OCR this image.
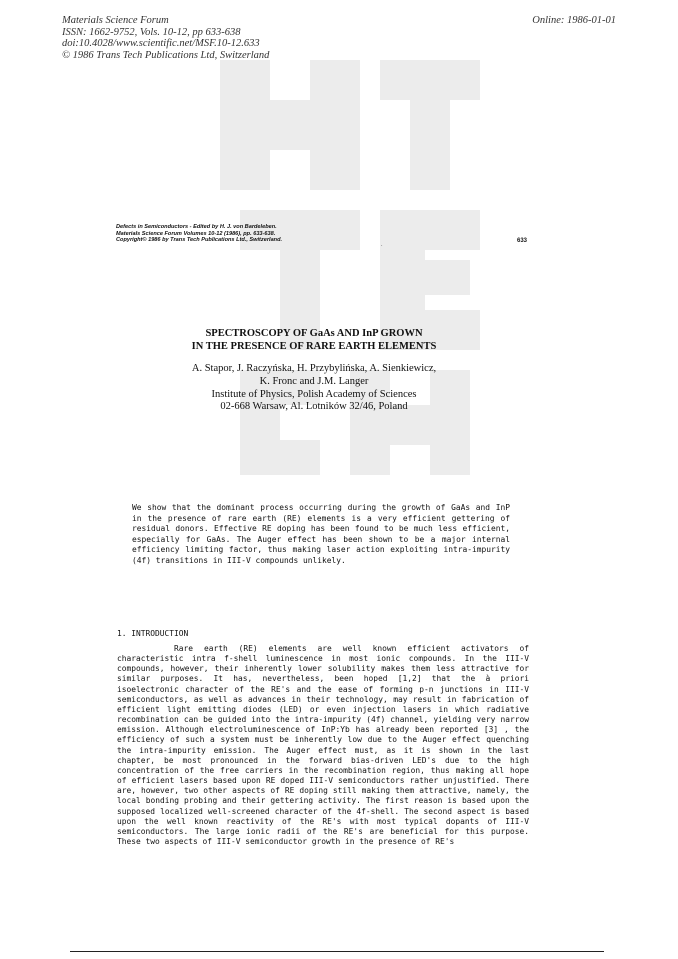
Materials Science Forum
ISSN: 1662-9752, Vols. 10-12, pp 633-638
doi:10.4028/www.scientific.net/MSF.10-12.633
© 1986 Trans Tech Publications Ltd, Switzerland
Online: 1986-01-01
Defects in Semiconductors - Edited by H. J. von Bardeleben.
Materials Science Forum Volumes 10-12 (1986), pp. 633-638.
Copyright© 1986 by Trans Tech Publications Ltd., Switzerland.
.
633
SPECTROSCOPY OF GaAs AND InP GROWN
IN THE PRESENCE OF RARE EARTH ELEMENTS
A. Stapor, J. Raczyńska, H. Przybylińska, A. Sienkiewicz,
K. Fronc and J.M. Langer
Institute of Physics, Polish Academy of Sciences
02-668 Warsaw, Al. Lotników 32/46, Poland
We show that the dominant process occurring during the growth of GaAs and InP in the presence of rare earth (RE) elements is a very efficient gettering of residual donors. Effective RE doping has been found to be much less efficient, especially for GaAs. The Auger effect has been shown to be a major internal efficiency limiting factor, thus making laser action exploiting intra-impurity (4f) transitions in III-V compounds unlikely.
1. INTRODUCTION

Rare earth (RE) elements are well known efficient activators of characteristic intra f-shell luminescence in most ionic compounds. In the III-V compounds, however, their inherently lower solubility makes them less attractive for similar purposes. It has, nevertheless, been hoped [1,2] that the à priori isoelectronic character of the RE's and the ease of forming p-n junctions in III-V semiconductors, as well as advances in their technology, may result in fabrication of efficient light emitting diodes (LED) or even injection lasers in which radiative recombination can be guided into the intra-impurity (4f) channel, yielding very narrow emission. Although electroluminescence of InP:Yb has already been reported [3] , the efficiency of such a system must be inherently low due to the Auger effect quenching the intra-impurity emission. The Auger effect must, as it is shown in the last chapter, be most pronounced in the forward bias-driven LED's due to the high concentration of the free carriers in the recombination region, thus making all hope of efficient lasers based upon RE doped III-V semiconductors rather unjustified. There are, however, two other aspects of RE doping still making them attractive, namely, the local bonding probing and their gettering activity. The first reason is based upon the supposed localized well-screened character of the 4f-shell. The second aspect is based upon the well known reactivity of the RE's with most typical dopants of III-V semiconductors. The large ionic radii of the RE's are beneficial for this purpose. These two aspects of III-V semiconductor growth in the presence of RE's
